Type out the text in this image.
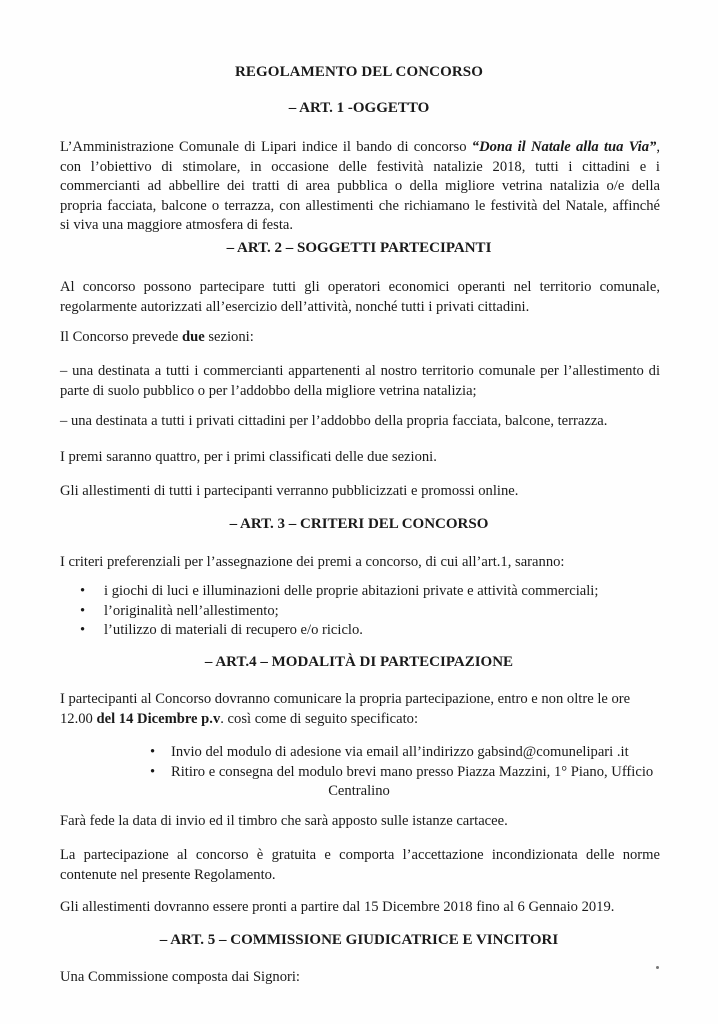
REGOLAMENTO DEL CONCORSO
– ART. 1 -OGGETTO
L’Amministrazione Comunale di Lipari indice il bando di concorso “Dona il Natale alla tua Via”,
con l’obiettivo di stimolare, in occasione delle festività natalizie 2018, tutti i cittadini e i
commercianti ad abbellire dei tratti di area pubblica o della migliore vetrina natalizia o/e della
propria facciata, balcone o terrazza, con allestimenti che richiamano le festività del Natale, affinché
si viva una maggiore atmosfera di festa.
– ART. 2 – SOGGETTI PARTECIPANTI
Al concorso possono partecipare tutti gli operatori economici operanti nel territorio comunale,
regolarmente autorizzati all’esercizio dell’attività, nonché tutti i privati cittadini.
Il Concorso prevede due sezioni:
– una destinata a tutti i commercianti appartenenti al nostro territorio comunale per l’allestimento di
parte di suolo pubblico o per l’addobbo della migliore vetrina natalizia;
– una destinata a tutti i privati cittadini per l’addobbo della propria facciata, balcone, terrazza.
I premi saranno quattro, per i primi classificati delle due sezioni.
Gli allestimenti di tutti i partecipanti verranno pubblicizzati e promossi online.
– ART. 3 – CRITERI DEL CONCORSO
I criteri preferenziali per l’assegnazione dei premi a concorso, di cui all’art.1, saranno:
• i giochi di luci e illuminazioni delle proprie abitazioni private e attività commerciali;
• l’originalità nell’allestimento;
• l’utilizzo di materiali di recupero e/o riciclo.
– ART.4 – MODALITÀ DI PARTECIPAZIONE
I partecipanti al Concorso dovranno comunicare la propria partecipazione, entro e non oltre le ore
12.00 del 14 Dicembre p.v. così come di seguito specificato:
• Invio del modulo di adesione via email all’indirizzo gabsind@comunelipari .it
• Ritiro e consegna del modulo brevi mano presso Piazza Mazzini, 1° Piano, Ufficio
Centralino
Farà fede la data di invio ed il timbro che sarà apposto sulle istanze cartacee.
La partecipazione al concorso è gratuita e comporta l’accettazione incondizionata delle norme
contenute nel presente Regolamento.
Gli allestimenti dovranno essere pronti a partire dal 15 Dicembre 2018 fino al 6 Gennaio 2019.
– ART. 5 – COMMISSIONE GIUDICATRICE E VINCITORI
Una Commissione composta dai Signori:
